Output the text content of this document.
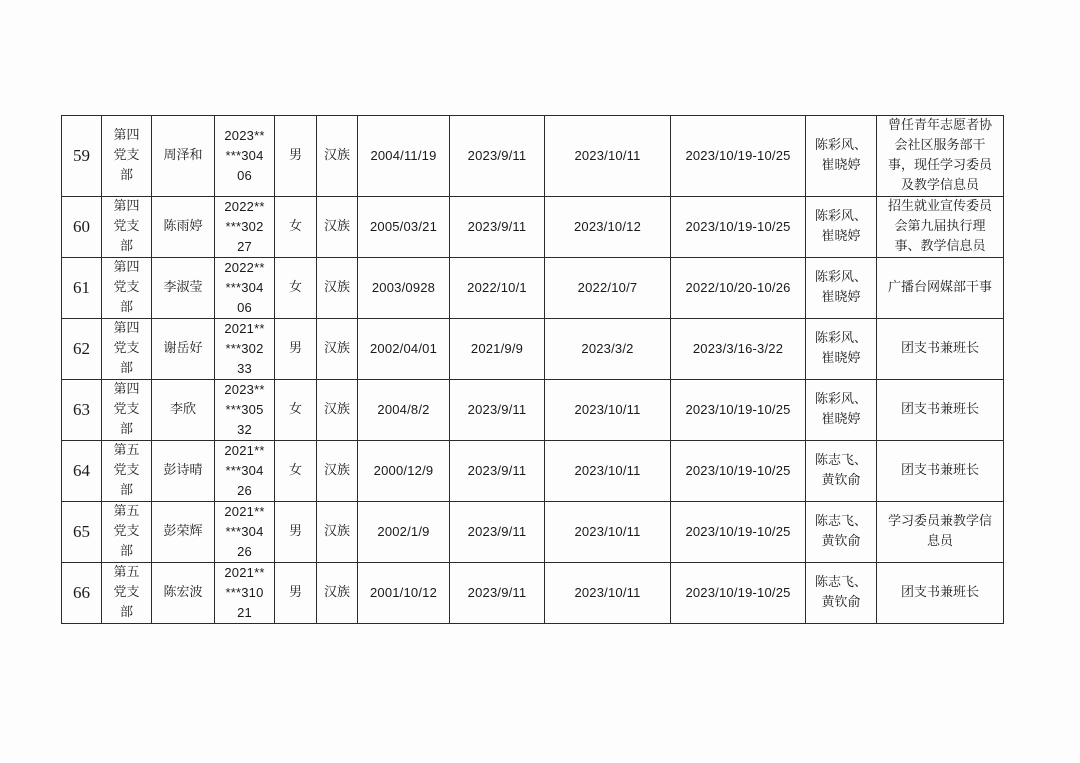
59	第四
党支
部	周泽和	2023**
***304
06	男	汉族	2004/11/19	2023/9/11	2023/10/11	2023/10/19-10/25	陈彩风、
崔晓婷	曾任青年志愿者协
会社区服务部干
事，现任学习委员
及教学信息员

60	第四
党支
部	陈雨婷	2022**
***302
27	女	汉族	2005/03/21	2023/9/11	2023/10/12	2023/10/19-10/25	陈彩风、
崔晓婷	招生就业宣传委员
会第九届执行理
事、教学信息员

61	第四
党支
部	李淑莹	2022**
***304
06	女	汉族	2003/0928	2022/10/1	2022/10/7	2022/10/20-10/26	陈彩风、
崔晓婷	广播台网媒部干事

62	第四
党支
部	谢岳好	2021**
***302
33	男	汉族	2002/04/01	2021/9/9	2023/3/2	2023/3/16-3/22	陈彩风、
崔晓婷	团支书兼班长

63	第四
党支
部	李欣	2023**
***305
32	女	汉族	2004/8/2	2023/9/11	2023/10/11	2023/10/19-10/25	陈彩风、
崔晓婷	团支书兼班长

64	第五
党支
部	彭诗晴	2021**
***304
26	女	汉族	2000/12/9	2023/9/11	2023/10/11	2023/10/19-10/25	陈志飞、
黄钦俞	团支书兼班长

65	第五
党支
部	彭荣辉	2021**
***304
26	男	汉族	2002/1/9	2023/9/11	2023/10/11	2023/10/19-10/25	陈志飞、
黄钦俞	学习委员兼教学信
息员

66	第五
党支
部	陈宏波	2021**
***310
21	男	汉族	2001/10/12	2023/9/11	2023/10/11	2023/10/19-10/25	陈志飞、
黄钦俞	团支书兼班长
